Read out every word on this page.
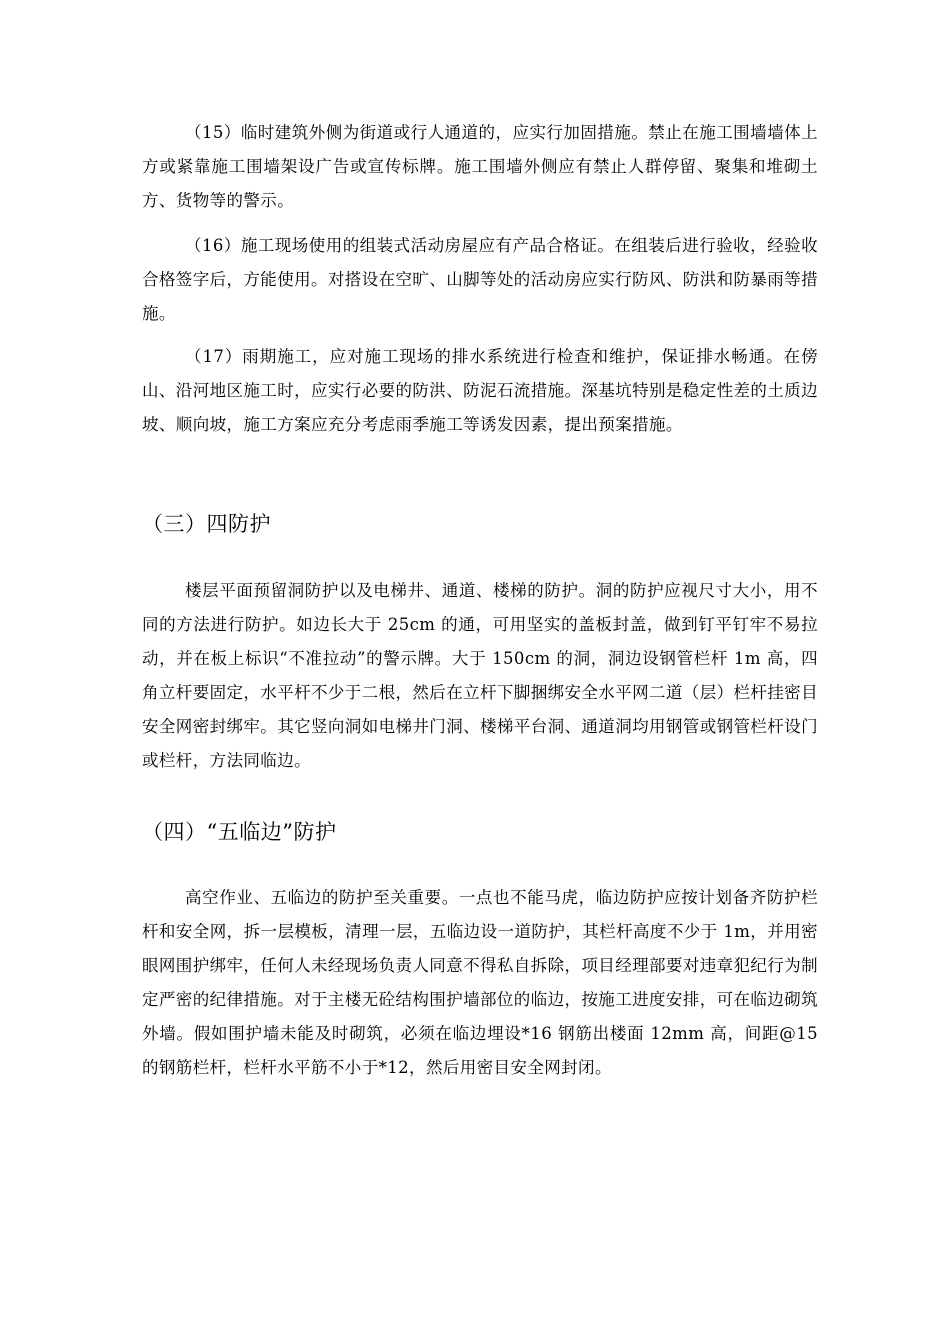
（15）临时建筑外侧为街道或行人通道的，应实行加固措施。禁止在施工围墙墙体上方或紧靠施工围墙架设广告或宣传标牌。施工围墙外侧应有禁止人群停留、聚集和堆砌土方、货物等的警示。

（16）施工现场使用的组装式活动房屋应有产品合格证。在组装后进行验收，经验收合格签字后，方能使用。对搭设在空旷、山脚等处的活动房应实行防风、防洪和防暴雨等措施。

（17）雨期施工，应对施工现场的排水系统进行检查和维护，保证排水畅通。在傍山、沿河地区施工时，应实行必要的防洪、防泥石流措施。深基坑特别是稳定性差的土质边坡、顺向坡，施工方案应充分考虑雨季施工等诱发因素，提出预案措施。

（三）四防护

楼层平面预留洞防护以及电梯井、通道、楼梯的防护。洞的防护应视尺寸大小，用不同的方法进行防护。如边长大于 25cm 的通，可用坚实的盖板封盖，做到钉平钉牢不易拉动，并在板上标识“不准拉动”的警示牌。大于 150cm 的洞，洞边设钢管栏杆 1m 高，四角立杆要固定，水平杆不少于二根，然后在立杆下脚捆绑安全水平网二道（层）栏杆挂密目安全网密封绑牢。其它竖向洞如电梯井门洞、楼梯平台洞、通道洞均用钢管或钢管栏杆设门或栏杆，方法同临边。

（四）“五临边”防护

高空作业、五临边的防护至关重要。一点也不能马虎，临边防护应按计划备齐防护栏杆和安全网，拆一层模板，清理一层，五临边设一道防护，其栏杆高度不少于 1m，并用密眼网围护绑牢，任何人未经现场负责人同意不得私自拆除，项目经理部要对违章犯纪行为制定严密的纪律措施。对于主楼无砼结构围护墙部位的临边，按施工进度安排，可在临边砌筑外墙。假如围护墙未能及时砌筑，必须在临边埋设*16 钢筋出楼面 12mm 高，间距@15 的钢筋栏杆，栏杆水平筋不小于*12，然后用密目安全网封闭。
